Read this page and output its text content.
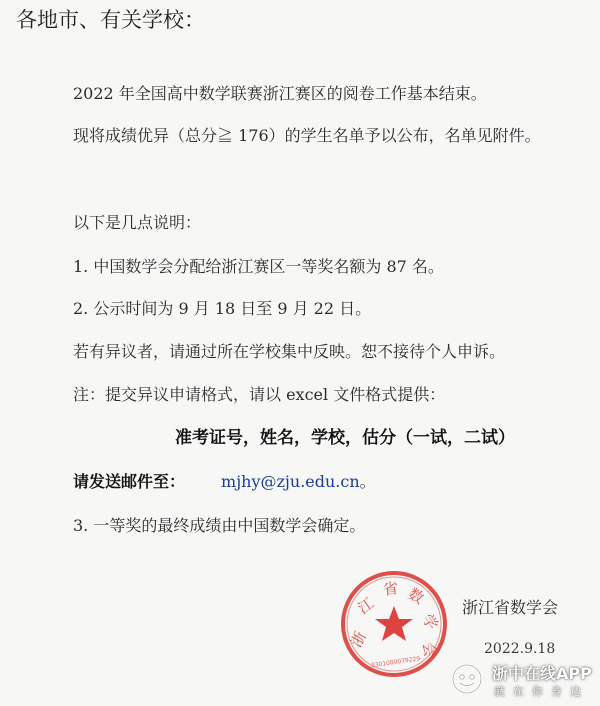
各地市、有关学校：
2022 年全国高中数学联赛浙江赛区的阅卷工作基本结束。
现将成绩优异（总分≧ 176）的学生名单予以公布，名单见附件。
以下是几点说明：
1. 中国数学会分配给浙江赛区一等奖名额为 87 名。
2. 公示时间为 9 月 18 日至 9 月 22 日。
若有异议者，请通过所在学校集中反映。恕不接待个人申诉。
注：提交异议申请格式，请以 excel 文件格式提供：
准考证号，姓名，学校，估分（一试，二试）
请发送邮件至： mjhy@zju.edu.cn。
3. 一等奖的最终成绩由中国数学会确定。
浙
江
省 数
学
会
3301080079229
浙江省数学会
2022.9.18
浙中在线APP
就在你身边
